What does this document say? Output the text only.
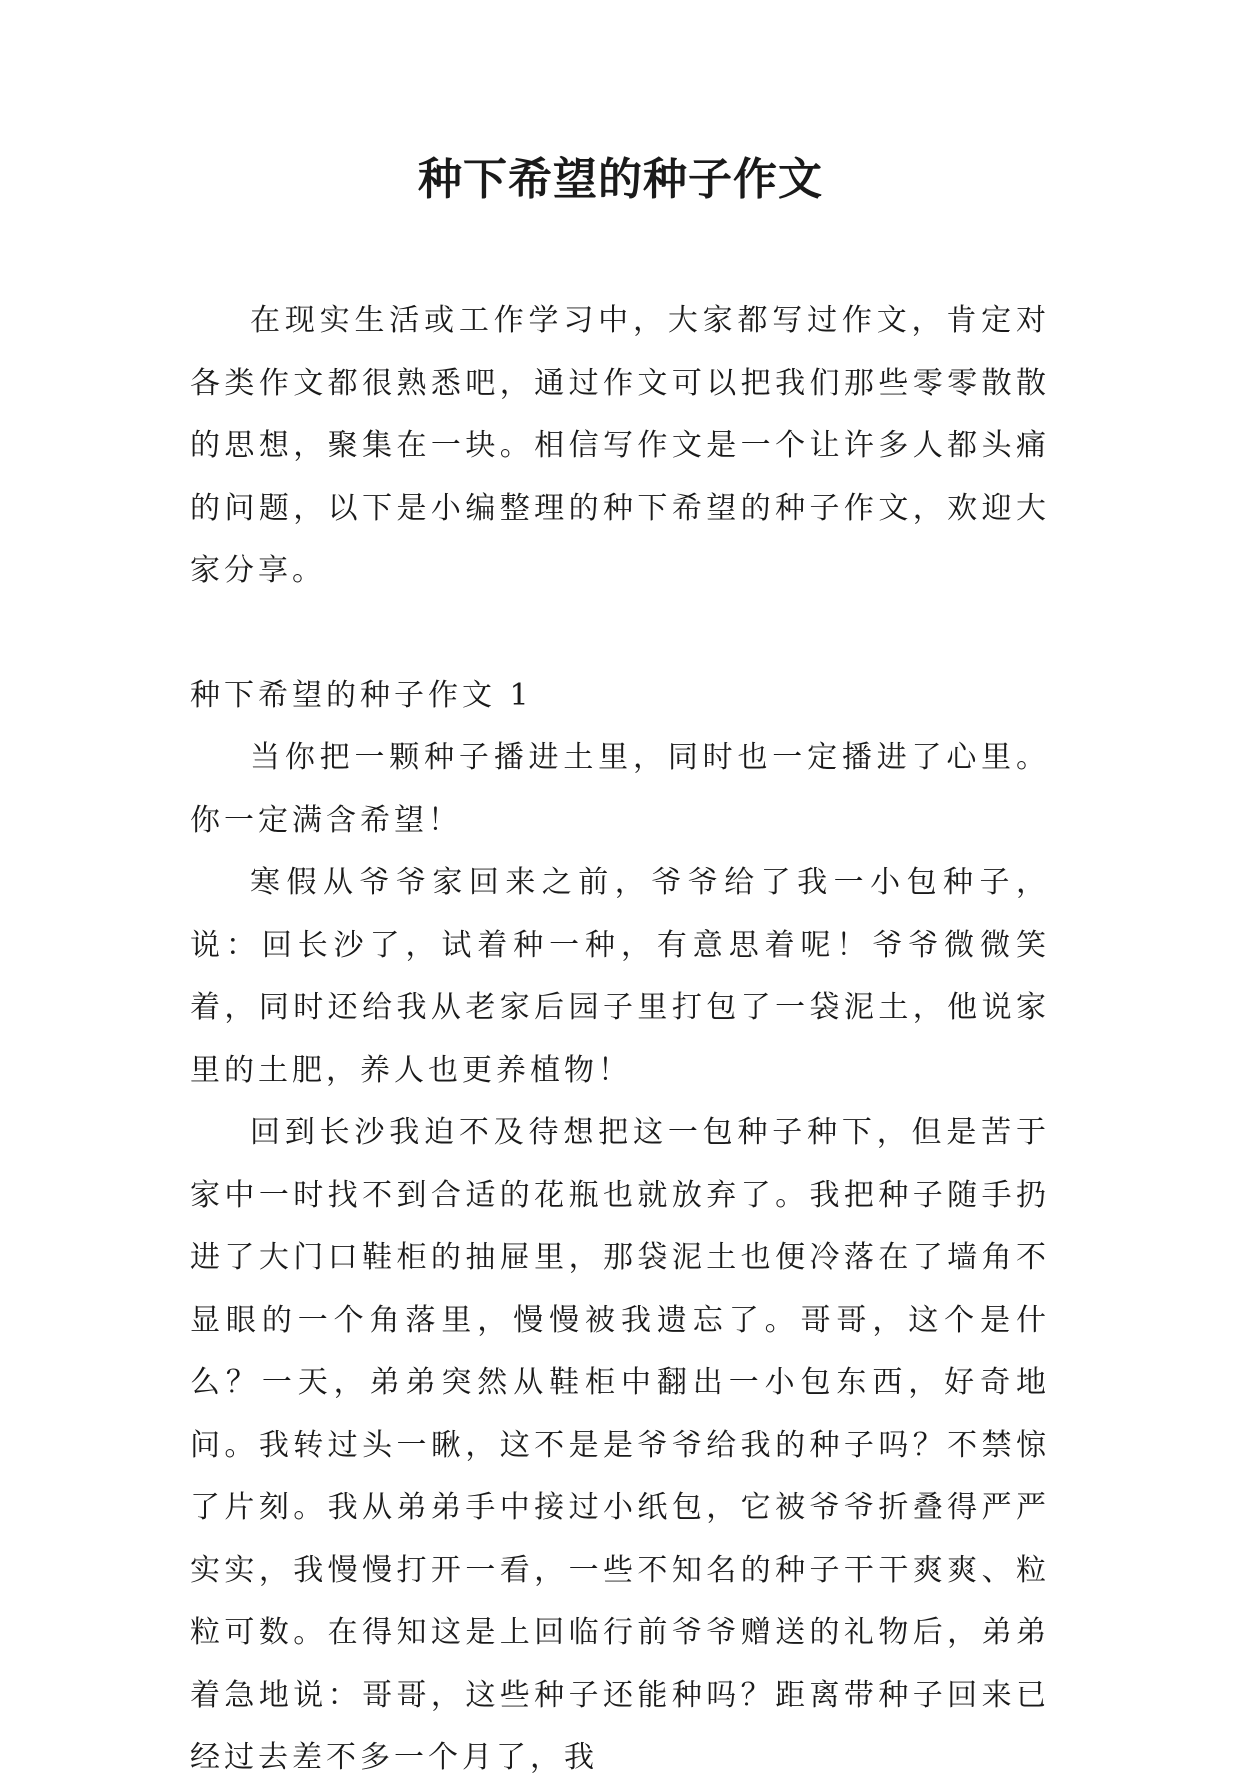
种下希望的种子作文

在现实生活或工作学习中，大家都写过作文，肯定对各类作文都很熟悉吧，通过作文可以把我们那些零零散散的思想，聚集在一块。相信写作文是一个让许多人都头痛的问题，以下是小编整理的种下希望的种子作文，欢迎大家分享。

种下希望的种子作文 1

当你把一颗种子播进土里，同时也一定播进了心里。你一定满含希望！

寒假从爷爷家回来之前，爷爷给了我一小包种子，说：回长沙了，试着种一种，有意思着呢！爷爷微微笑着，同时还给我从老家后园子里打包了一袋泥土，他说家里的土肥，养人也更养植物！

回到长沙我迫不及待想把这一包种子种下，但是苦于家中一时找不到合适的花瓶也就放弃了。我把种子随手扔进了大门口鞋柜的抽屉里，那袋泥土也便冷落在了墙角不显眼的一个角落里，慢慢被我遗忘了。哥哥，这个是什么？一天，弟弟突然从鞋柜中翻出一小包东西，好奇地问。我转过头一瞅，这不是是爷爷给我的种子吗？不禁惊了片刻。我从弟弟手中接过小纸包，它被爷爷折叠得严严实实，我慢慢打开一看，一些不知名的种子干干爽爽、粒粒可数。在得知这是上回临行前爷爷赠送的礼物后，弟弟着急地说：哥哥，这些种子还能种吗？距离带种子回来已经过去差不多一个月了，我
